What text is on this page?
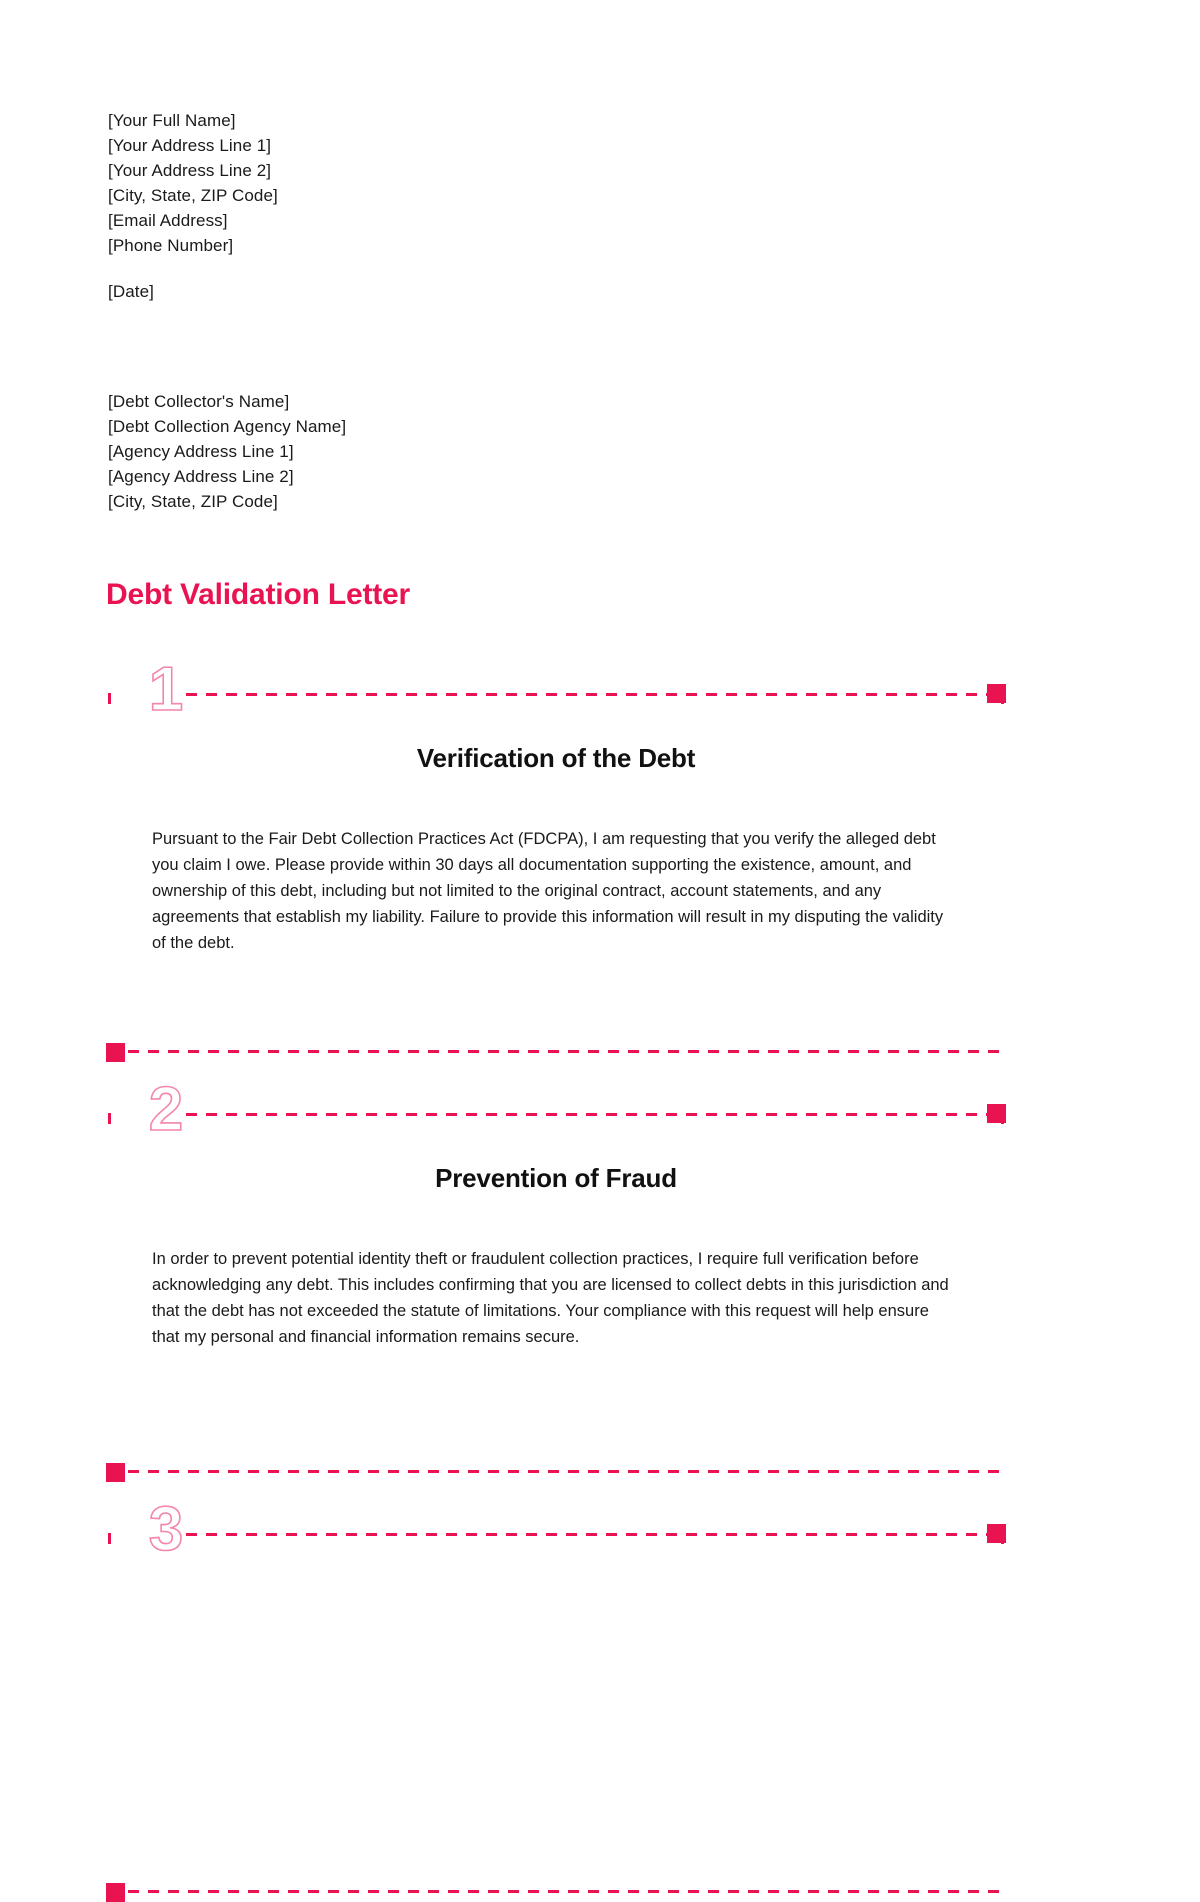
[Your Full Name]
[Your Address Line 1]
[Your Address Line 2]
[City, State, ZIP Code]
[Email Address]
[Phone Number]
[Date]
[Debt Collector's Name]
[Debt Collection Agency Name]
[Agency Address Line 1]
[Agency Address Line 2]
[City, State, ZIP Code]
Debt Validation Letter
1
Verification of the Debt
Pursuant to the Fair Debt Collection Practices Act (FDCPA), I am requesting that you verify the alleged debt you claim I owe. Please provide within 30 days all documentation supporting the existence, amount, and ownership of this debt, including but not limited to the original contract, account statements, and any agreements that establish my liability. Failure to provide this information will result in my disputing the validity of the debt.
2
Prevention of Fraud
In order to prevent potential identity theft or fraudulent collection practices, I require full verification before acknowledging any debt. This includes confirming that you are licensed to collect debts in this jurisdiction and that the debt has not exceeded the statute of limitations. Your compliance with this request will help ensure that my personal and financial information remains secure.
3
